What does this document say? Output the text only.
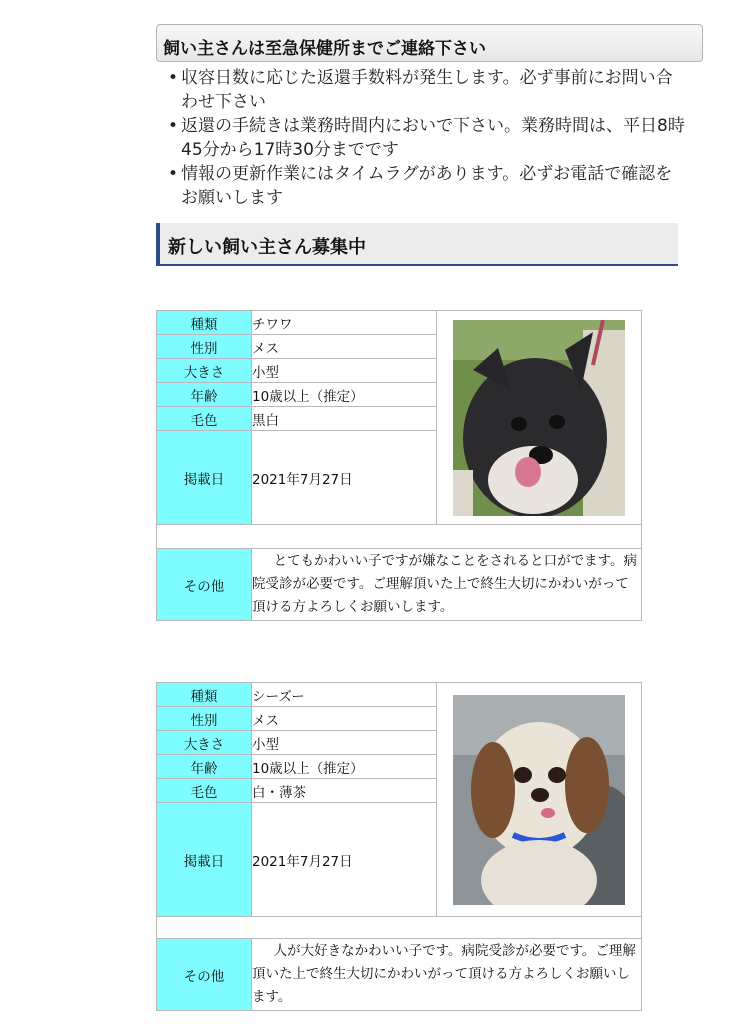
飼い主さんは至急保健所までご連絡下さい
• 収容日数に応じた返還手数料が発生します。必ず事前にお問い合わせ下さい
• 返還の手続きは業務時間内においで下さい。業務時間は、平日8時45分から17時30分までです
• 情報の更新作業にはタイムラグがあります。必ずお電話で確認をお願いします
新しい飼い主さん募集中
種類	チワワ	

性別	メス	
大きさ	小型	
年齢	10歳以上（推定）	
毛色	黒白	
掲載日	2021年7月27日	

その他	とてもかわいい子ですが嫌なことをされると口がでます。病院受診が必要です。ご理解頂いた上で終生大切にかわいがって頂ける方よろしくお願いします。	
種類	シーズー	

性別	メス	
大きさ	小型	
年齢	10歳以上（推定）	
毛色	白・薄茶	
掲載日	2021年7月27日	

その他	人が大好きなかわいい子です。病院受診が必要です。ご理解頂いた上で終生大切にかわいがって頂ける方よろしくお願いします。	
